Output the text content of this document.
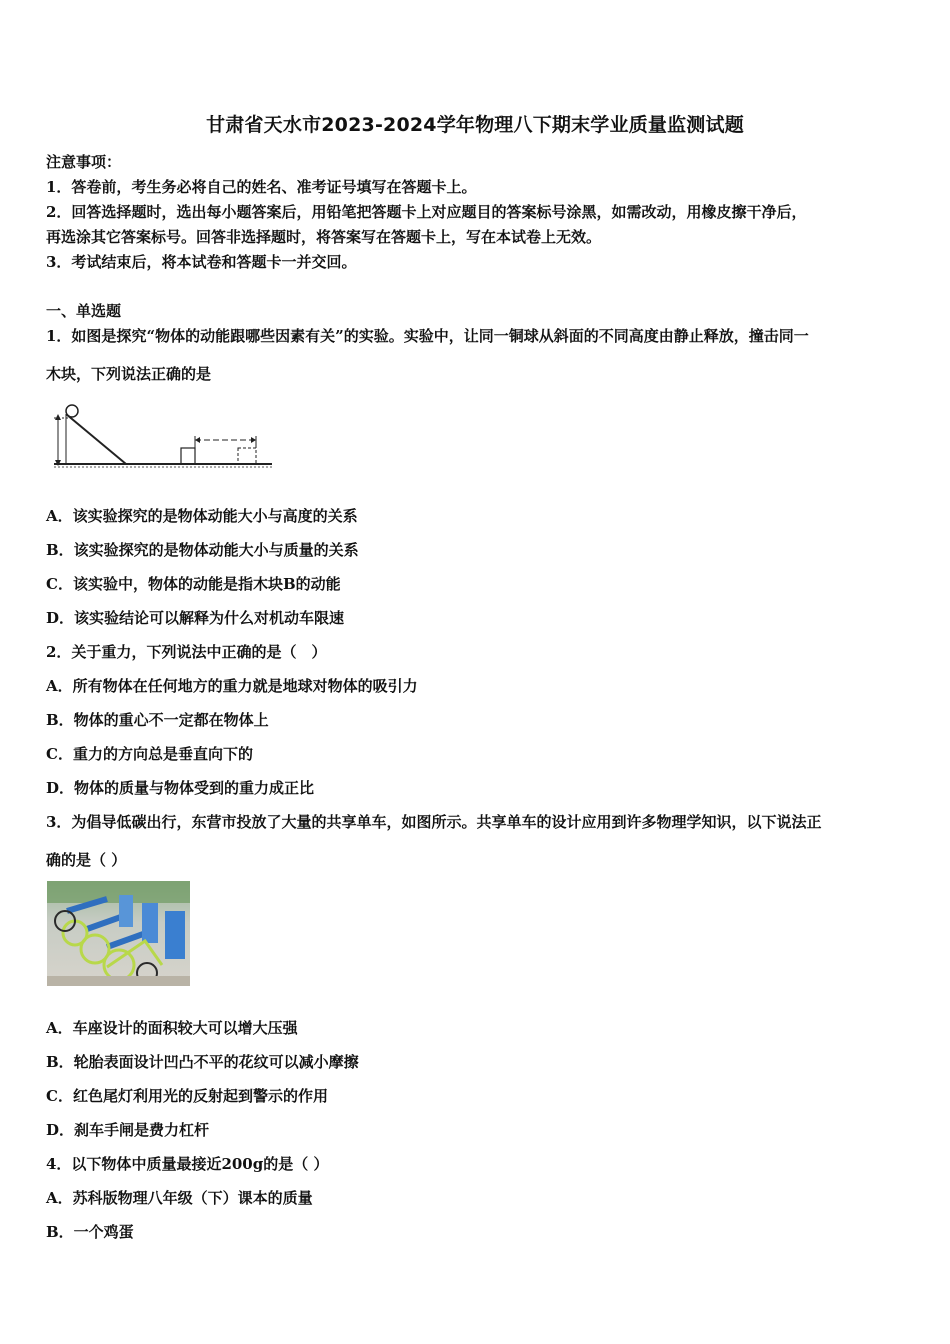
甘肃省天水市2023-2024学年物理八下期末学业质量监测试题
注意事项：
1．答卷前，考生务必将自己的姓名、准考证号填写在答题卡上。
2．回答选择题时，选出每小题答案后，用铅笔把答题卡上对应题目的答案标号涂黑，如需改动，用橡皮擦干净后，
再选涂其它答案标号。回答非选择题时，将答案写在答题卡上，写在本试卷上无效。
3．考试结束后，将本试卷和答题卡一并交回。
一、单选题
1．如图是探究“物体的动能跟哪些因素有关”的实验。实验中，让同一铜球从斜面的不同高度由静止释放，撞击同一
木块，下列说法正确的是
A．该实验探究的是物体动能大小与高度的关系
B．该实验探究的是物体动能大小与质量的关系
C．该实验中，物体的动能是指木块B的动能
D．该实验结论可以解释为什么对机动车限速
2．关于重力，下列说法中正确的是（　）
A．所有物体在任何地方的重力就是地球对物体的吸引力
B．物体的重心不一定都在物体上
C．重力的方向总是垂直向下的
D．物体的质量与物体受到的重力成正比
3．为倡导低碳出行，东营市投放了大量的共享单车，如图所示。共享单车的设计应用到许多物理学知识，以下说法正
确的是（ ）
A．车座设计的面积较大可以增大压强
B．轮胎表面设计凹凸不平的花纹可以减小摩擦
C．红色尾灯利用光的反射起到警示的作用
D．刹车手闸是费力杠杆
4．以下物体中质量最接近200g的是（ ）
A．苏科版物理八年级（下）课本的质量
B．一个鸡蛋
